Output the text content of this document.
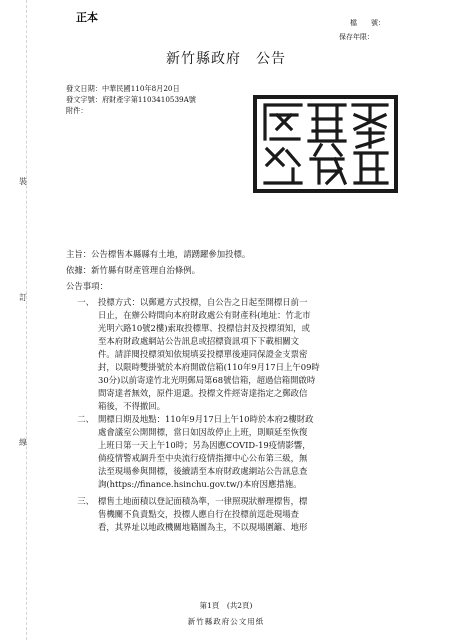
裝
訂
線
正本	檔　　號：
保存年限：
新竹縣政府　公告
發文日期：中華民國110年8月20日
發文字號：府財產字第1103410539A號
附件：
主旨：公告標售本縣縣有土地，請踴躍參加投標。
依據：新竹縣有財產管理自治條例。
公告事項：
一、 投標方式：以郵遞方式投標，自公告之日起至開標日前一
日止，在辦公時間向本府財政處公有財產科(地址：竹北市
光明六路10號2樓)索取投標單、投標信封及投標須知，或
至本府財政處網站公告訊息或招標資訊項下下載相關文
件。請詳閱投標須知依規填妥投標單後連同保證金支票密
封，以限時雙掛號於本府開啟信箱(110年9月17日上午09時
30分)以前寄達竹北光明郵局第68號信箱，超過信箱開啟時
間寄達者無效，原件退還。投標文件經寄達指定之郵政信
箱後，不得撤回。
二、 開標日期及地點：110年9月17日上午10時於本府2樓財政
處會議室公開開標，當日如因故停止上班，則順延至恢復
上班日第一天上午10時；另為因應COVID-19疫情影響，
倘疫情警戒調升至中央流行疫情指揮中心公布第三級，無
法至現場參與開標，後續請至本府財政處網站公告訊息查
詢(https://finance.hsinchu.gov.tw/)本府因應措施。
三、 標售土地面積以登記面積為準，一律照現狀辦理標售，標
售機關不負責點交，投標人應自行在投標前逕赴現場查
看，其界址以地政機關地籍圖為主，不以現場圍籬、地形
第1頁　(共2頁)
新竹縣政府公文用紙
